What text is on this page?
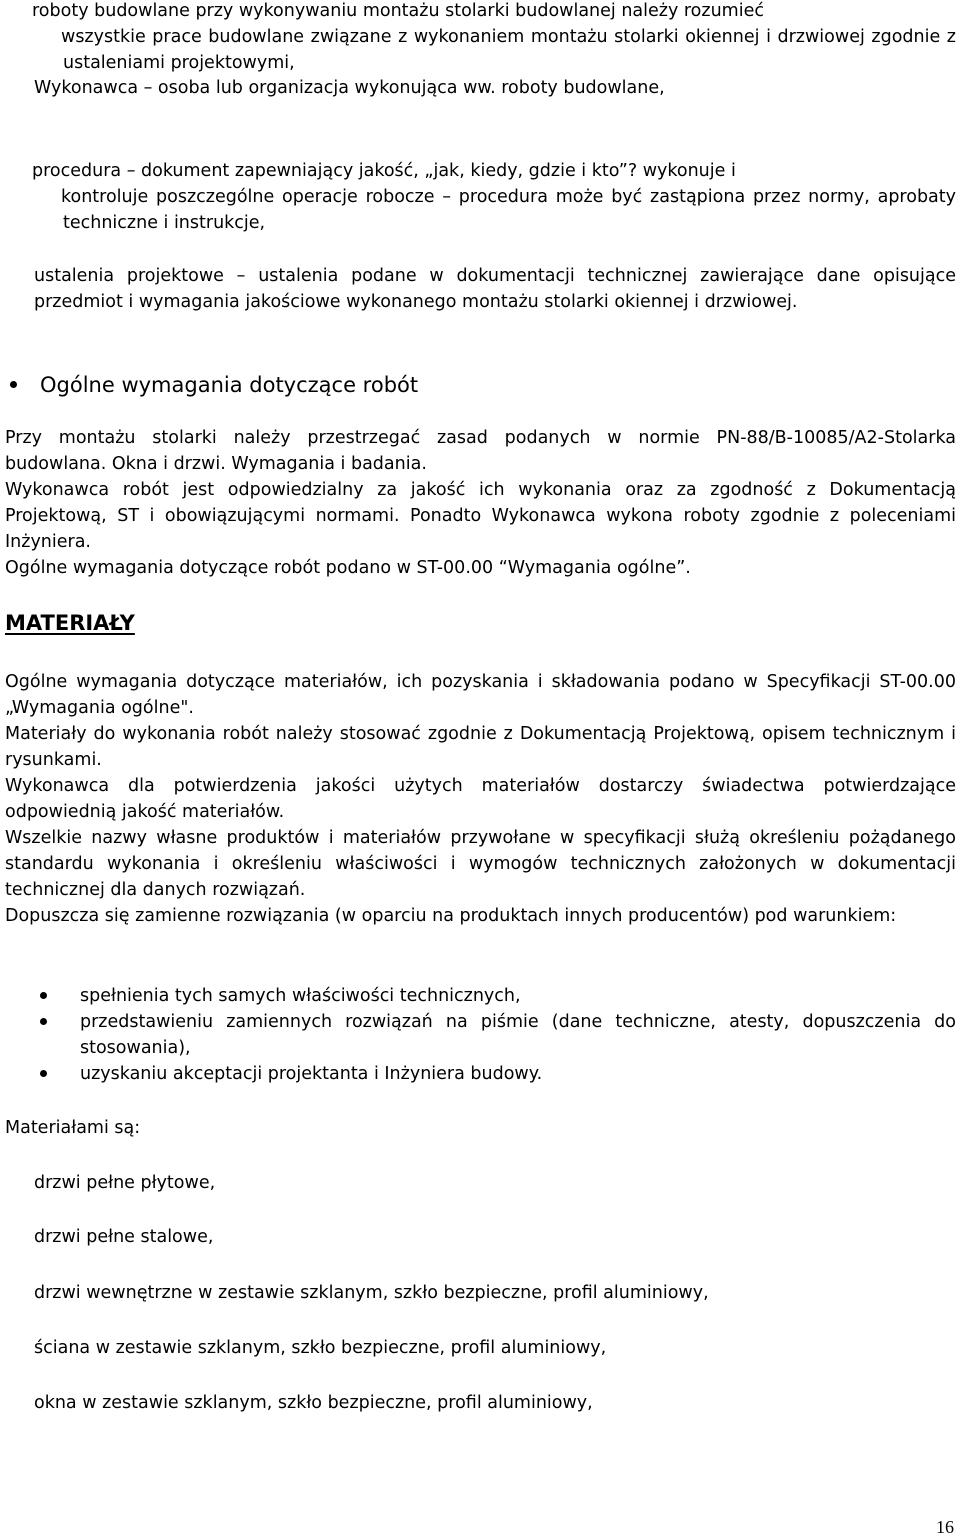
roboty budowlane przy wykonywaniu montażu stolarki budowlanej należy rozumieć
wszystkie prace budowlane związane z wykonaniem montażu stolarki okiennej i drzwiowej zgodnie z ustaleniami projektowymi,

Wykonawca – osoba lub organizacja wykonująca ww. roboty budowlane,

procedura – dokument zapewniający jakość, „jak, kiedy, gdzie i kto”? wykonuje i
kontroluje poszczególne operacje robocze – procedura może być zastąpiona przez normy, aprobaty techniczne i instrukcje,

ustalenia projektowe – ustalenia podane w dokumentacji technicznej zawierające dane opisujące przedmiot i wymagania jakościowe wykonanego montażu stolarki okiennej i drzwiowej.

Ogólne wymagania dotyczące robót

Przy montażu stolarki należy przestrzegać zasad podanych w normie PN-88/B-10085/A2-Stolarka budowlana. Okna i drzwi. Wymagania i badania.

Wykonawca robót jest odpowiedzialny za jakość ich wykonania oraz za zgodność z Dokumentacją Projektową, ST i obowiązującymi normami. Ponadto Wykonawca wykona roboty zgodnie z poleceniami Inżyniera.

Ogólne wymagania dotyczące robót podano w ST-00.00 “Wymagania ogólne”.

MATERIAŁY

Ogólne wymagania dotyczące materiałów, ich pozyskania i składowania podano w Specyfikacji ST-00.00 „Wymagania ogólne".

Materiały do wykonania robót należy stosować zgodnie z Dokumentacją Projektową, opisem technicznym i rysunkami.

Wykonawca dla potwierdzenia jakości użytych materiałów dostarczy świadectwa potwierdzające odpowiednią jakość materiałów.

Wszelkie nazwy własne produktów i materiałów przywołane w specyfikacji służą określeniu pożądanego standardu wykonania i określeniu właściwości i wymogów technicznych założonych w dokumentacji technicznej dla danych rozwiązań.

Dopuszcza się zamienne rozwiązania (w oparciu na produktach innych producentów) pod warunkiem:

spełnienia tych samych właściwości technicznych,
przedstawieniu zamiennych rozwiązań na piśmie (dane techniczne, atesty, dopuszczenia do stosowania),
uzyskaniu akceptacji projektanta i Inżyniera budowy.

Materiałami są:

drzwi pełne płytowe,

drzwi pełne stalowe,

drzwi wewnętrzne w zestawie szklanym, szkło bezpieczne, profil aluminiowy,

ściana w zestawie szklanym, szkło bezpieczne, profil aluminiowy,

okna w zestawie szklanym, szkło bezpieczne, profil aluminiowy,

16
